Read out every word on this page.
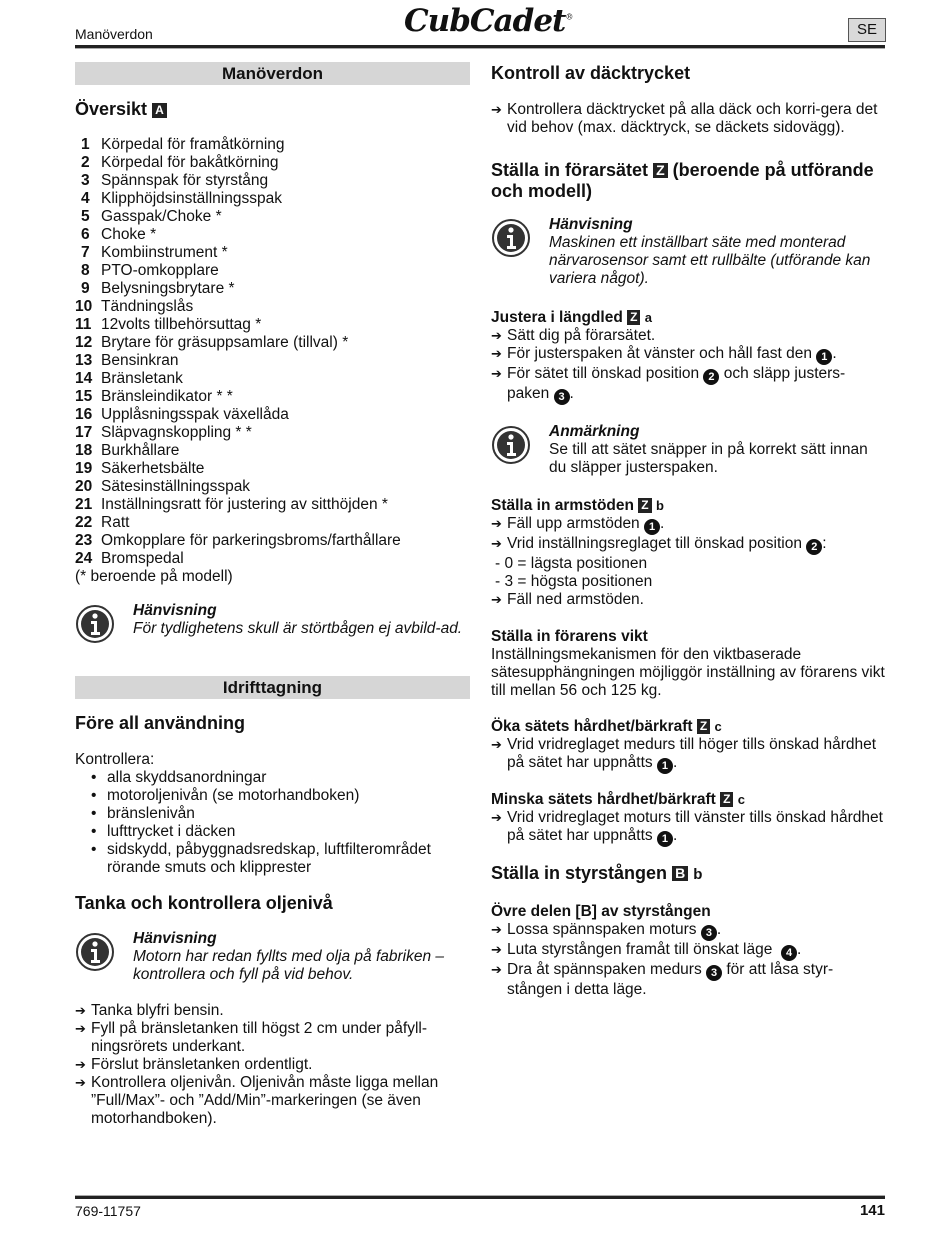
Manöverdon	CubCadet®
SE
Manöverdon
Översikt A
1 Körpedal för framåtkörning
2 Körpedal för bakåtkörning
3 Spännspak för styrstång
4 Klipphöjdsinställningsspak
5 Gasspak/Choke *
6 Choke *
7 Kombiinstrument *
8 PTO-omkopplare
9 Belysningsbrytare *
10 Tändningslås
11 12volts tillbehörsuttag *
12 Brytare för gräsuppsamlare (tillval) *
13 Bensinkran
14 Bränsletank
15 Bränsleindikator * *
16 Upplåsningsspak växellåda
17 Släpvagnskoppling * *
18 Burkhållare
19 Säkerhetsbälte
20 Sätesinställningsspak
21 Inställningsratt för justering av sitthöjden *
22 Ratt
23 Omkopplare för parkeringsbroms/farthållare
24 Bromspedal
(* beroende på modell)
Hänvisning
För tydlighetens skull är störtbågen ej avbild-ad.
Idrifttagning
Före all användning
Kontrollera:
• alla skyddsanordningar
• motoroljenivån (se motorhandboken)
• bränslenivån
• lufttrycket i däcken
• sidskydd, påbyggnadsredskap, luftfilterområdet rörande smuts och klipprester
Tanka och kontrollera oljenivå
Hänvisning
Motorn har redan fyllts med olja på fabriken – kontrollera och fyll på vid behov.
➔ Tanka blyfri bensin.
➔ Fyll på bränsletanken till högst 2 cm under påfyll-ningsrörets underkant.
➔ Förslut bränsletanken ordentligt.
➔ Kontrollera oljenivån. Oljenivån måste ligga mellan ”Full/Max”- och ”Add/Min”-markeringen (se även motorhandboken).
Kontroll av däcktrycket
➔ Kontrollera däcktrycket på alla däck och korri-gera det vid behov (max. däcktryck, se däckets sidovägg).
Ställa in förarsätet Z (beroende på utförande och modell)
Hänvisning
Maskinen ett inställbart säte med monterad närvarosensor samt ett rullbälte (utförande kan variera något).
Justera i längdled Z a
➔ Sätt dig på förarsätet.
➔ För justerspaken åt vänster och håll fast den 1 .
➔ För sätet till önskad position 2 och släpp justers-paken 3 .
Anmärkning
Se till att sätet snäpper in på korrekt sätt innan du släpper justerspaken.
Ställa in armstöden Z b
➔ Fäll upp armstöden 1 .
➔ Vrid inställningsreglaget till önskad position 2 :
- 0 = lägsta positionen
- 3 = högsta positionen
➔ Fäll ned armstöden.
Ställa in förarens vikt
Inställningsmekanismen för den viktbaserade sätesupphängningen möjliggör inställning av förarens vikt till mellan 56 och 125 kg.
Öka sätets hårdhet/bärkraft Z c
➔ Vrid vridreglaget medurs till höger tills önskad hårdhet på sätet har uppnåtts 1 .
Minska sätets hårdhet/bärkraft Z c
➔ Vrid vridreglaget moturs till vänster tills önskad hårdhet på sätet har uppnåtts 1 .
Ställa in styrstången B b
Övre delen [B] av styrstången
➔ Lossa spännspaken moturs 3 .
➔ Luta styrstången framåt till önskat läge 4 .
➔ Dra åt spännspaken medurs 3 för att låsa styr-stången i detta läge.
769-11757	141
